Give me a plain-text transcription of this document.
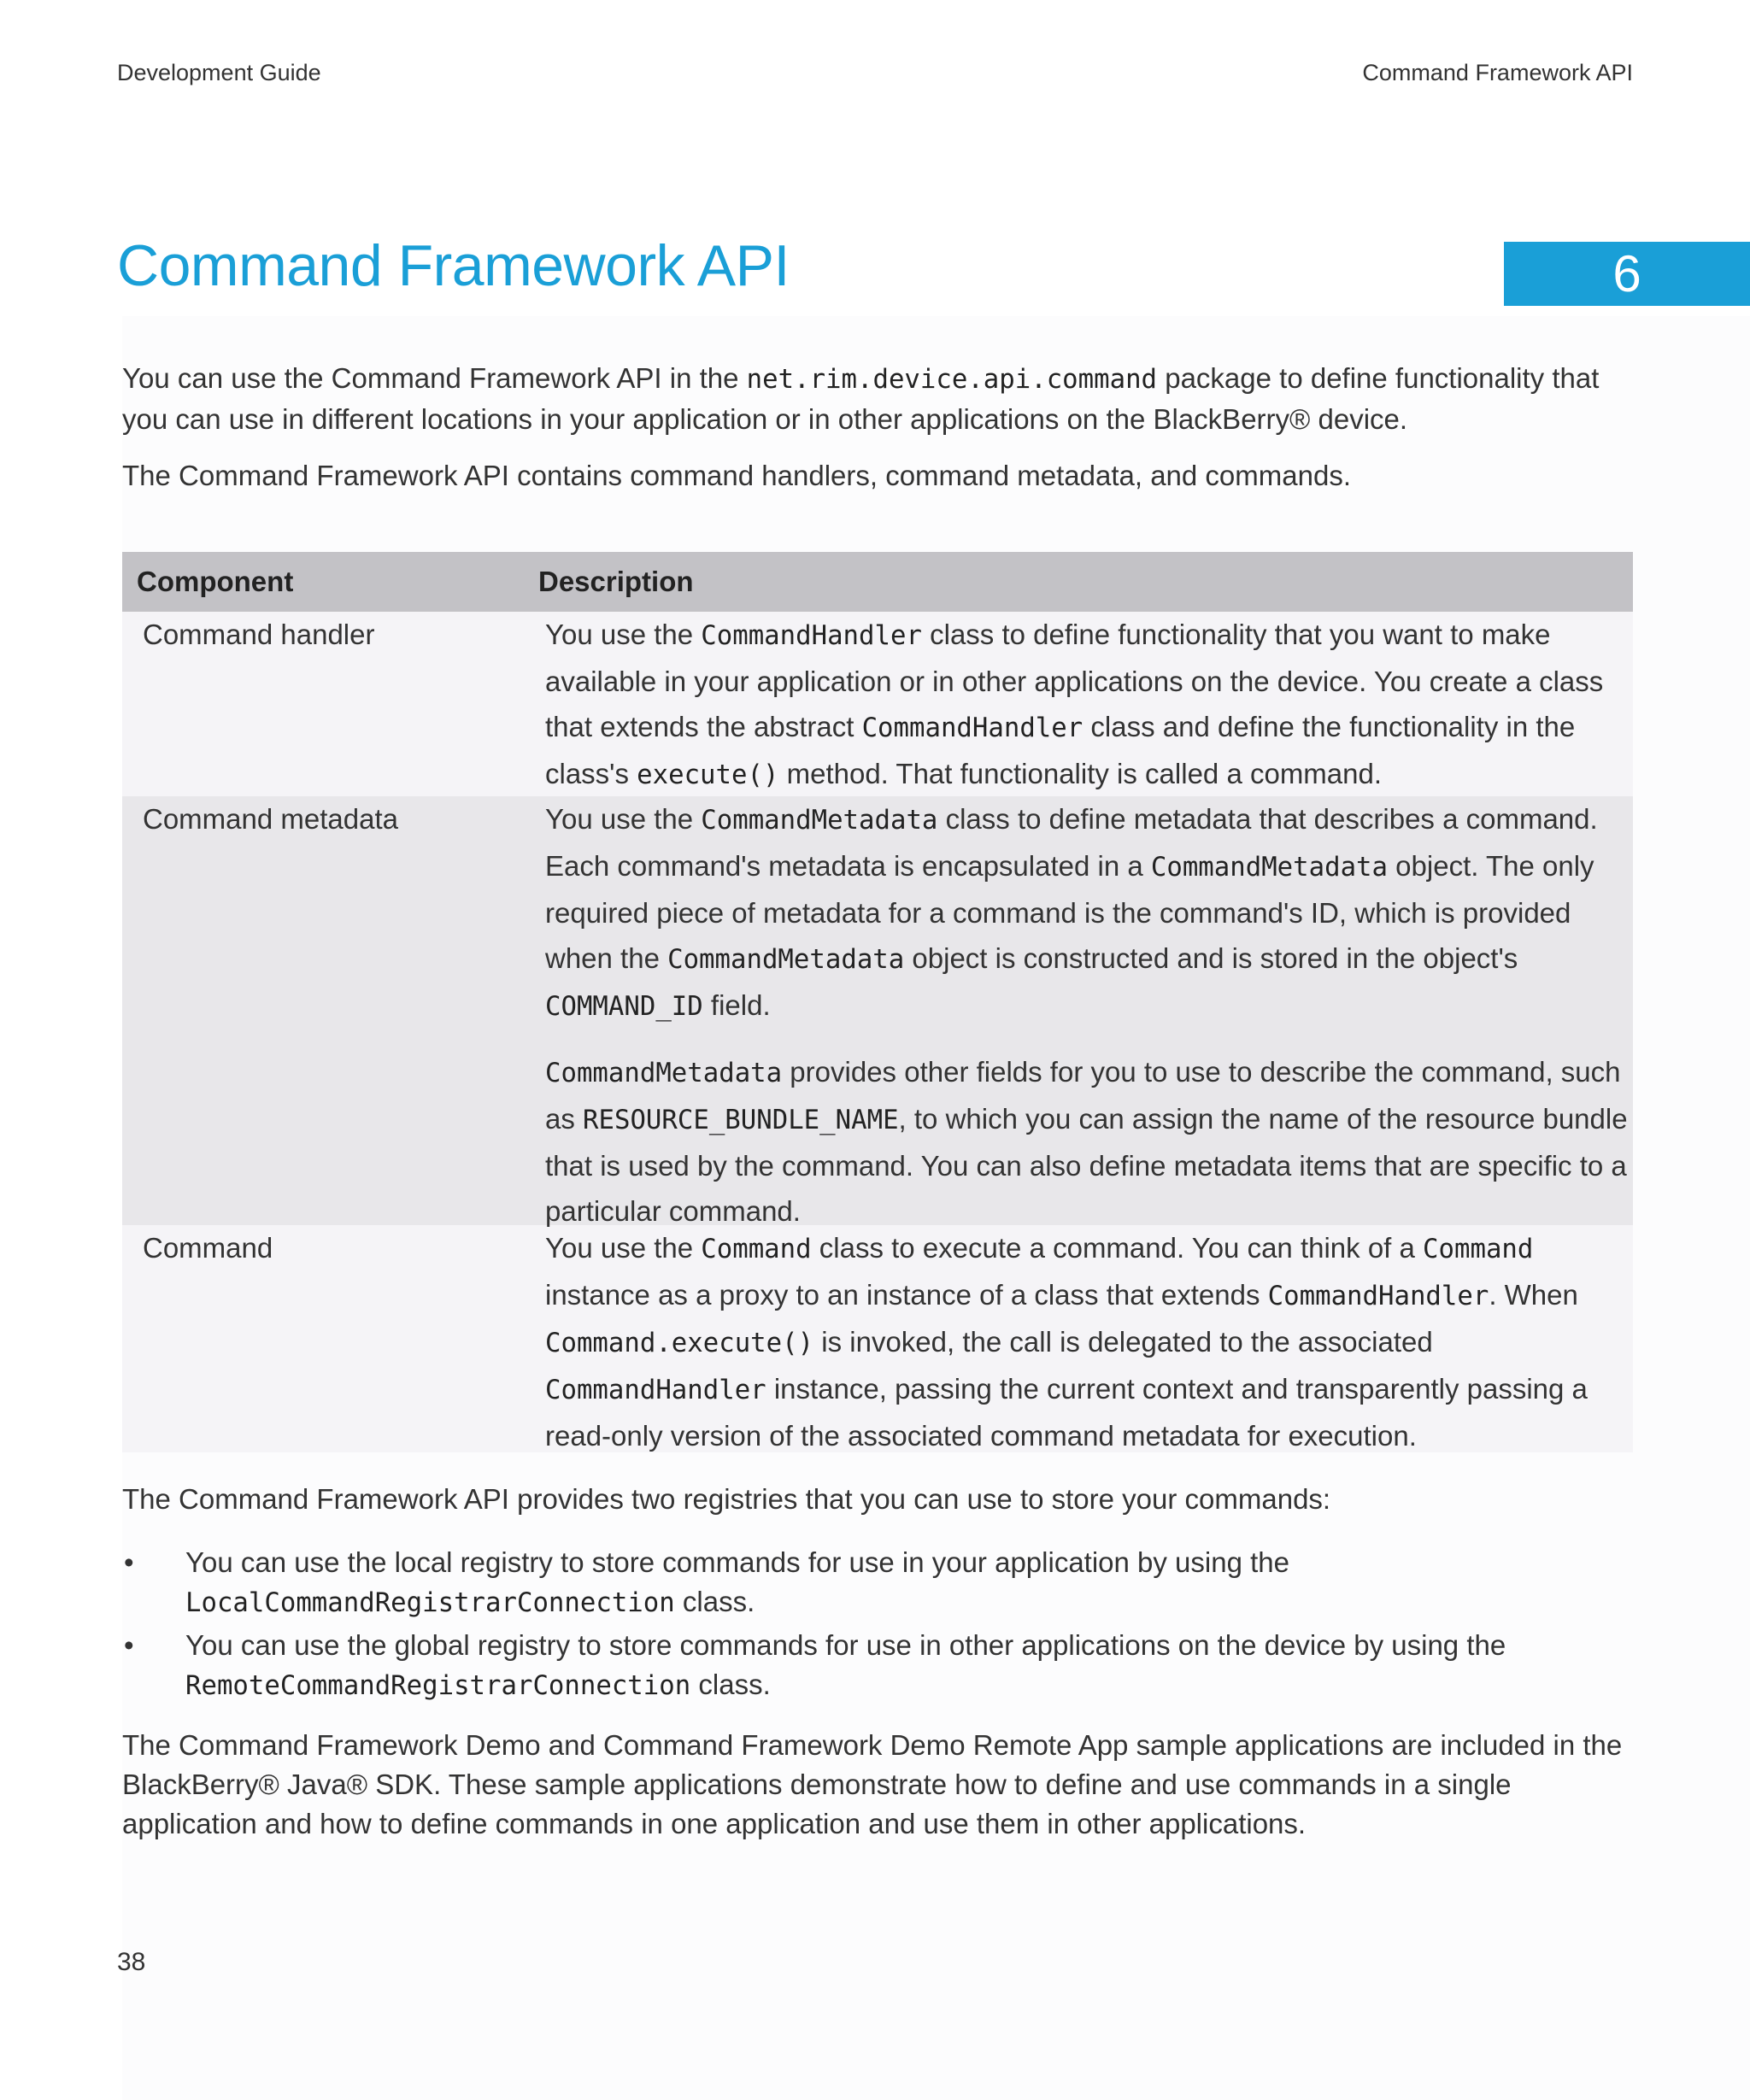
Development Guide	Command Framework API
Command Framework API	6

You can use the Command Framework API in the net.rim.device.api.command package to define functionality that you can use in different locations in your application or in other applications on the BlackBerry® device.

The Command Framework API contains command handlers, command metadata, and commands.

Component	Description
Command handler	You use the CommandHandler class to define functionality that you want to make available in your application or in other applications on the device. You create a class that extends the abstract CommandHandler class and define the functionality in the class's execute() method. That functionality is called a command.

Command metadata	You use the CommandMetadata class to define metadata that describes a command. Each command's metadata is encapsulated in a CommandMetadata object. The only required piece of metadata for a command is the command's ID, which is provided when the CommandMetadata object is constructed and is stored in the object's COMMAND_ID field.

CommandMetadata provides other fields for you to use to describe the command, such as RESOURCE_BUNDLE_NAME, to which you can assign the name of the resource bundle that is used by the command. You can also define metadata items that are specific to a particular command.

Command	You use the Command class to execute a command. You can think of a Command instance as a proxy to an instance of a class that extends CommandHandler. When Command.execute() is invoked, the call is delegated to the associated CommandHandler instance, passing the current context and transparently passing a read-only version of the associated command metadata for execution.

The Command Framework API provides two registries that you can use to store your commands:

• You can use the local registry to store commands for use in your application by using the LocalCommandRegistrarConnection class.
• You can use the global registry to store commands for use in other applications on the device by using the RemoteCommandRegistrarConnection class.

The Command Framework Demo and Command Framework Demo Remote App sample applications are included in the BlackBerry® Java® SDK. These sample applications demonstrate how to define and use commands in a single application and how to define commands in one application and use them in other applications.

38
